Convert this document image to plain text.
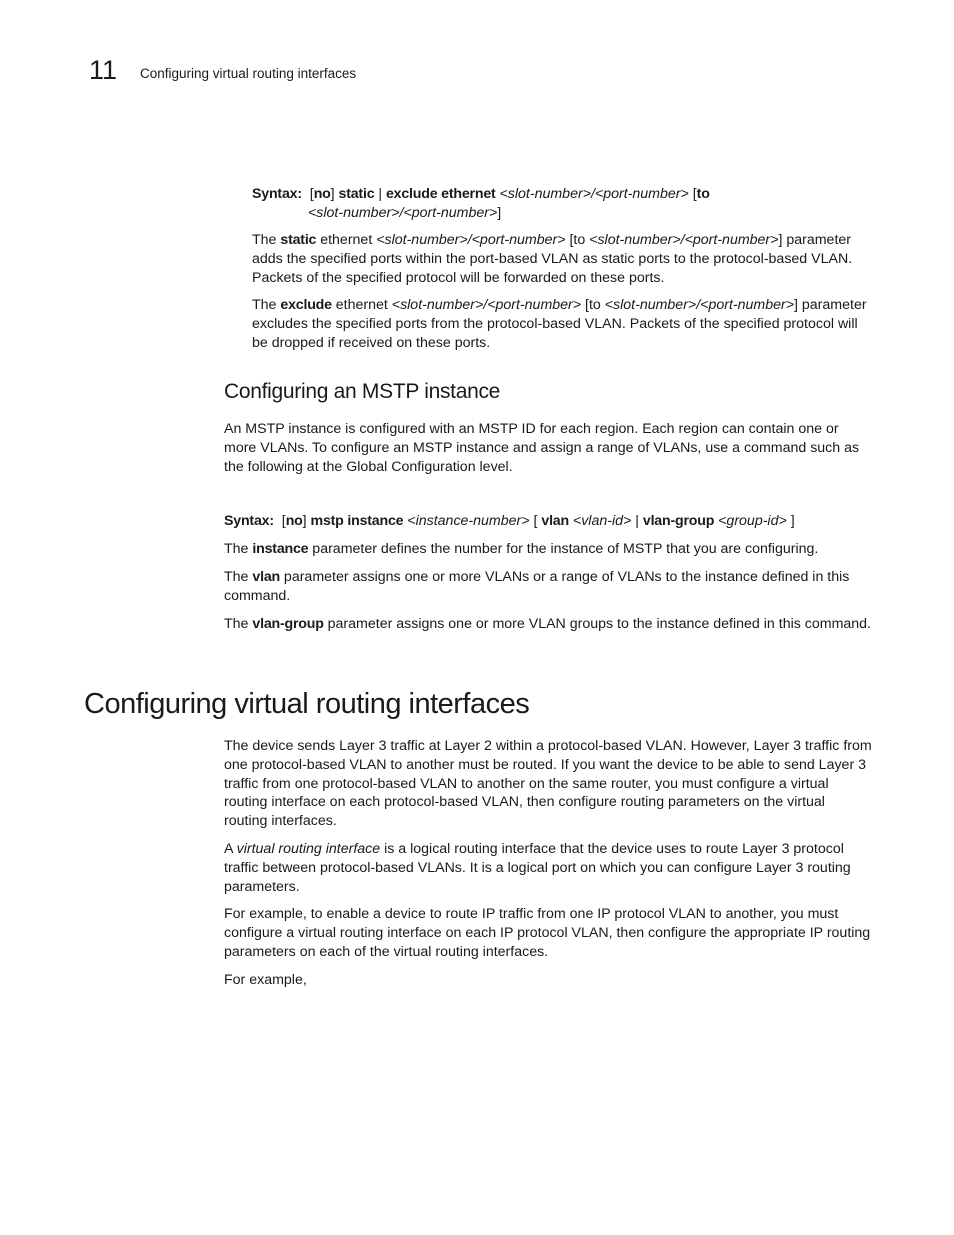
11 Configuring virtual routing interfaces
Syntax: [no] static | exclude ethernet <slot-number>/<port-number> [to
<slot-number>/<port-number>]

The static ethernet <slot-number>/<port-number> [to <slot-number>/<port-number>] parameter adds the specified ports within the port-based VLAN as static ports to the protocol-based VLAN. Packets of the specified protocol will be forwarded on these ports.

The exclude ethernet <slot-number>/<port-number> [to <slot-number>/<port-number>] parameter excludes the specified ports from the protocol-based VLAN. Packets of the specified protocol will be dropped if received on these ports.

Configuring an MSTP instance

An MSTP instance is configured with an MSTP ID for each region. Each region can contain one or more VLANs. To configure an MSTP instance and assign a range of VLANs, use a command such as the following at the Global Configuration level.

Syntax: [no] mstp instance <instance-number> [ vlan <vlan-id> | vlan-group <group-id> ]

The instance parameter defines the number for the instance of MSTP that you are configuring.

The vlan parameter assigns one or more VLANs or a range of VLANs to the instance defined in this command.

The vlan-group parameter assigns one or more VLAN groups to the instance defined in this command.

Configuring virtual routing interfaces

The device sends Layer 3 traffic at Layer 2 within a protocol-based VLAN. However, Layer 3 traffic from one protocol-based VLAN to another must be routed. If you want the device to be able to send Layer 3 traffic from one protocol-based VLAN to another on the same router, you must configure a virtual routing interface on each protocol-based VLAN, then configure routing parameters on the virtual routing interfaces.

A virtual routing interface is a logical routing interface that the device uses to route Layer 3 protocol traffic between protocol-based VLANs. It is a logical port on which you can configure Layer 3 routing parameters.

For example, to enable a device to route IP traffic from one IP protocol VLAN to another, you must configure a virtual routing interface on each IP protocol VLAN, then configure the appropriate IP routing parameters on each of the virtual routing interfaces.

For example,
